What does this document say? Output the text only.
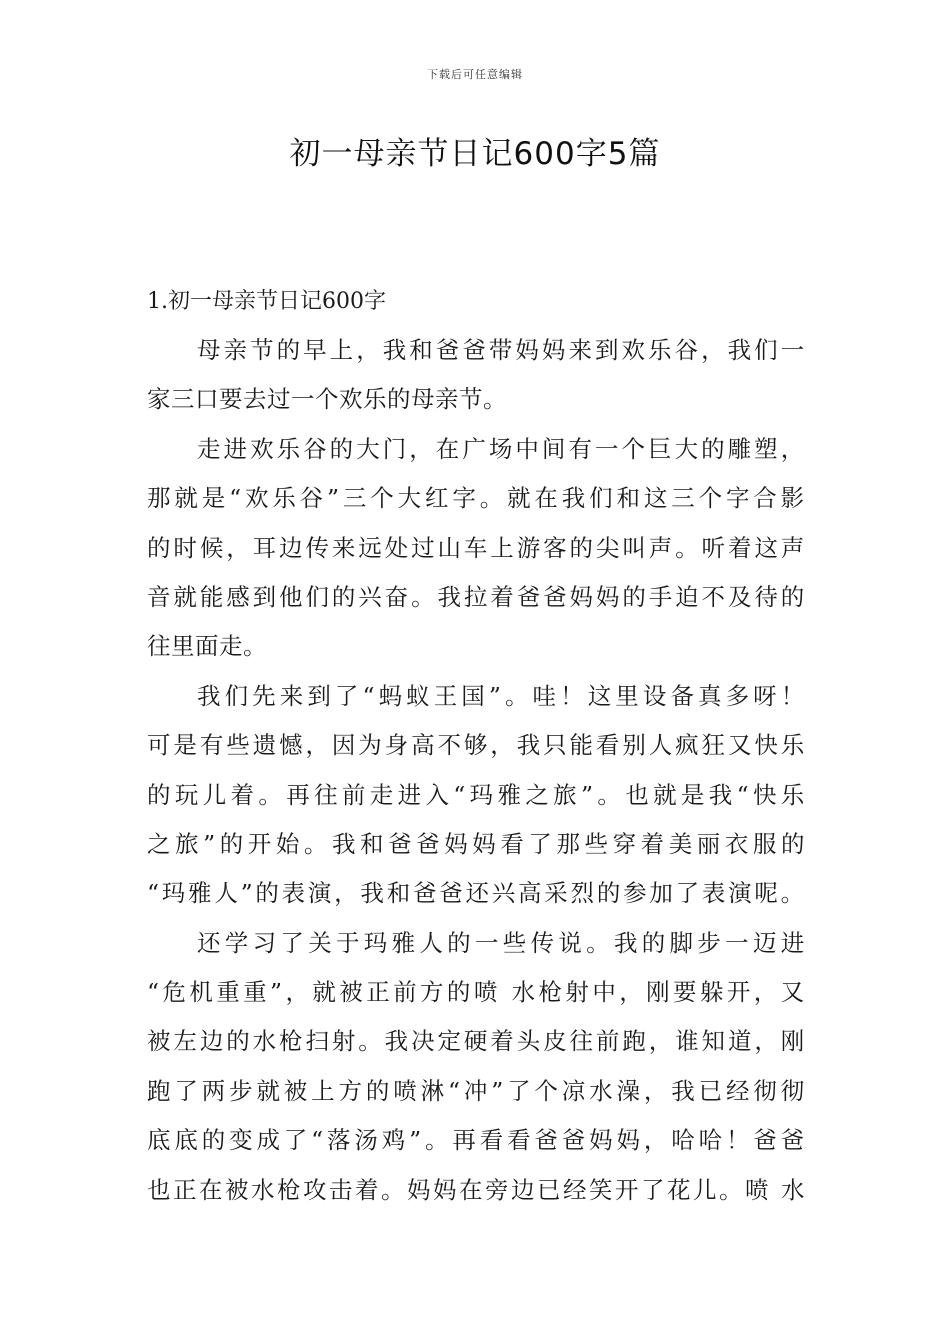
下载后可任意编辑
初一母亲节日记600字5篇
1.初一母亲节日记600字
母 亲 节 的 早 上 ， 我 和 爸 爸 带 妈 妈 来 到 欢 乐 谷 ， 我 们 一
家 三 口 要 去 过 一 个 欢 乐 的 母 亲 节 。
走 进 欢 乐 谷 的 大 门 ， 在 广 场 中 间 有 一 个 巨 大 的 雕 塑 ，
那 就 是 “ 欢 乐 谷 ” 三 个 大 红 字 。 就 在 我 们 和 这 三 个 字 合 影
的 时 候 ， 耳 边 传 来 远 处 过 山 车 上 游 客 的 尖 叫 声 。 听 着 这 声
音 就 能 感 到 他 们 的 兴 奋 。 我 拉 着 爸 爸 妈 妈 的 手 迫 不 及 待 的
往 里 面 走 。
我 们 先 来 到 了 “ 蚂 蚁 王 国 ” 。 哇 ！ 这 里 设 备 真 多 呀 ！
可 是 有 些 遗 憾 ， 因 为 身 高 不 够 ， 我 只 能 看 别 人 疯 狂 又 快 乐
的 玩 儿 着 。 再 往 前 走 进 入 “ 玛 雅 之 旅 ” 。 也 就 是 我 “ 快 乐
之 旅 ” 的 开 始 。 我 和 爸 爸 妈 妈 看 了 那 些 穿 着 美 丽 衣 服 的
“ 玛 雅 人 ” 的 表 演 ， 我 和 爸 爸 还 兴 高 采 烈 的 参 加 了 表 演 呢 。
还 学 习 了 关 于 玛 雅 人 的 一 些 传 说 。 我 的 脚 步 一 迈 进
“ 危 机 重 重 ” ， 就 被 正 前 方 的 喷
水 枪 射 中 ， 刚 要 躲 开 ， 又
被 左 边 的 水 枪 扫 射 。 我 决 定 硬 着 头 皮 往 前 跑 ， 谁 知 道 ， 刚
跑 了 两 步 就 被 上 方 的 喷 淋 “ 冲 ” 了 个 凉 水 澡 ， 我 已 经 彻 彻
底 底 的 变 成 了 “ 落 汤 鸡 ” 。 再 看 看 爸 爸 妈 妈 ， 哈 哈 ！ 爸 爸
也 正 在 被 水 枪 攻 击 着 。 妈 妈 在 旁 边 已 经 笑 开 了 花 儿 。 喷
水
